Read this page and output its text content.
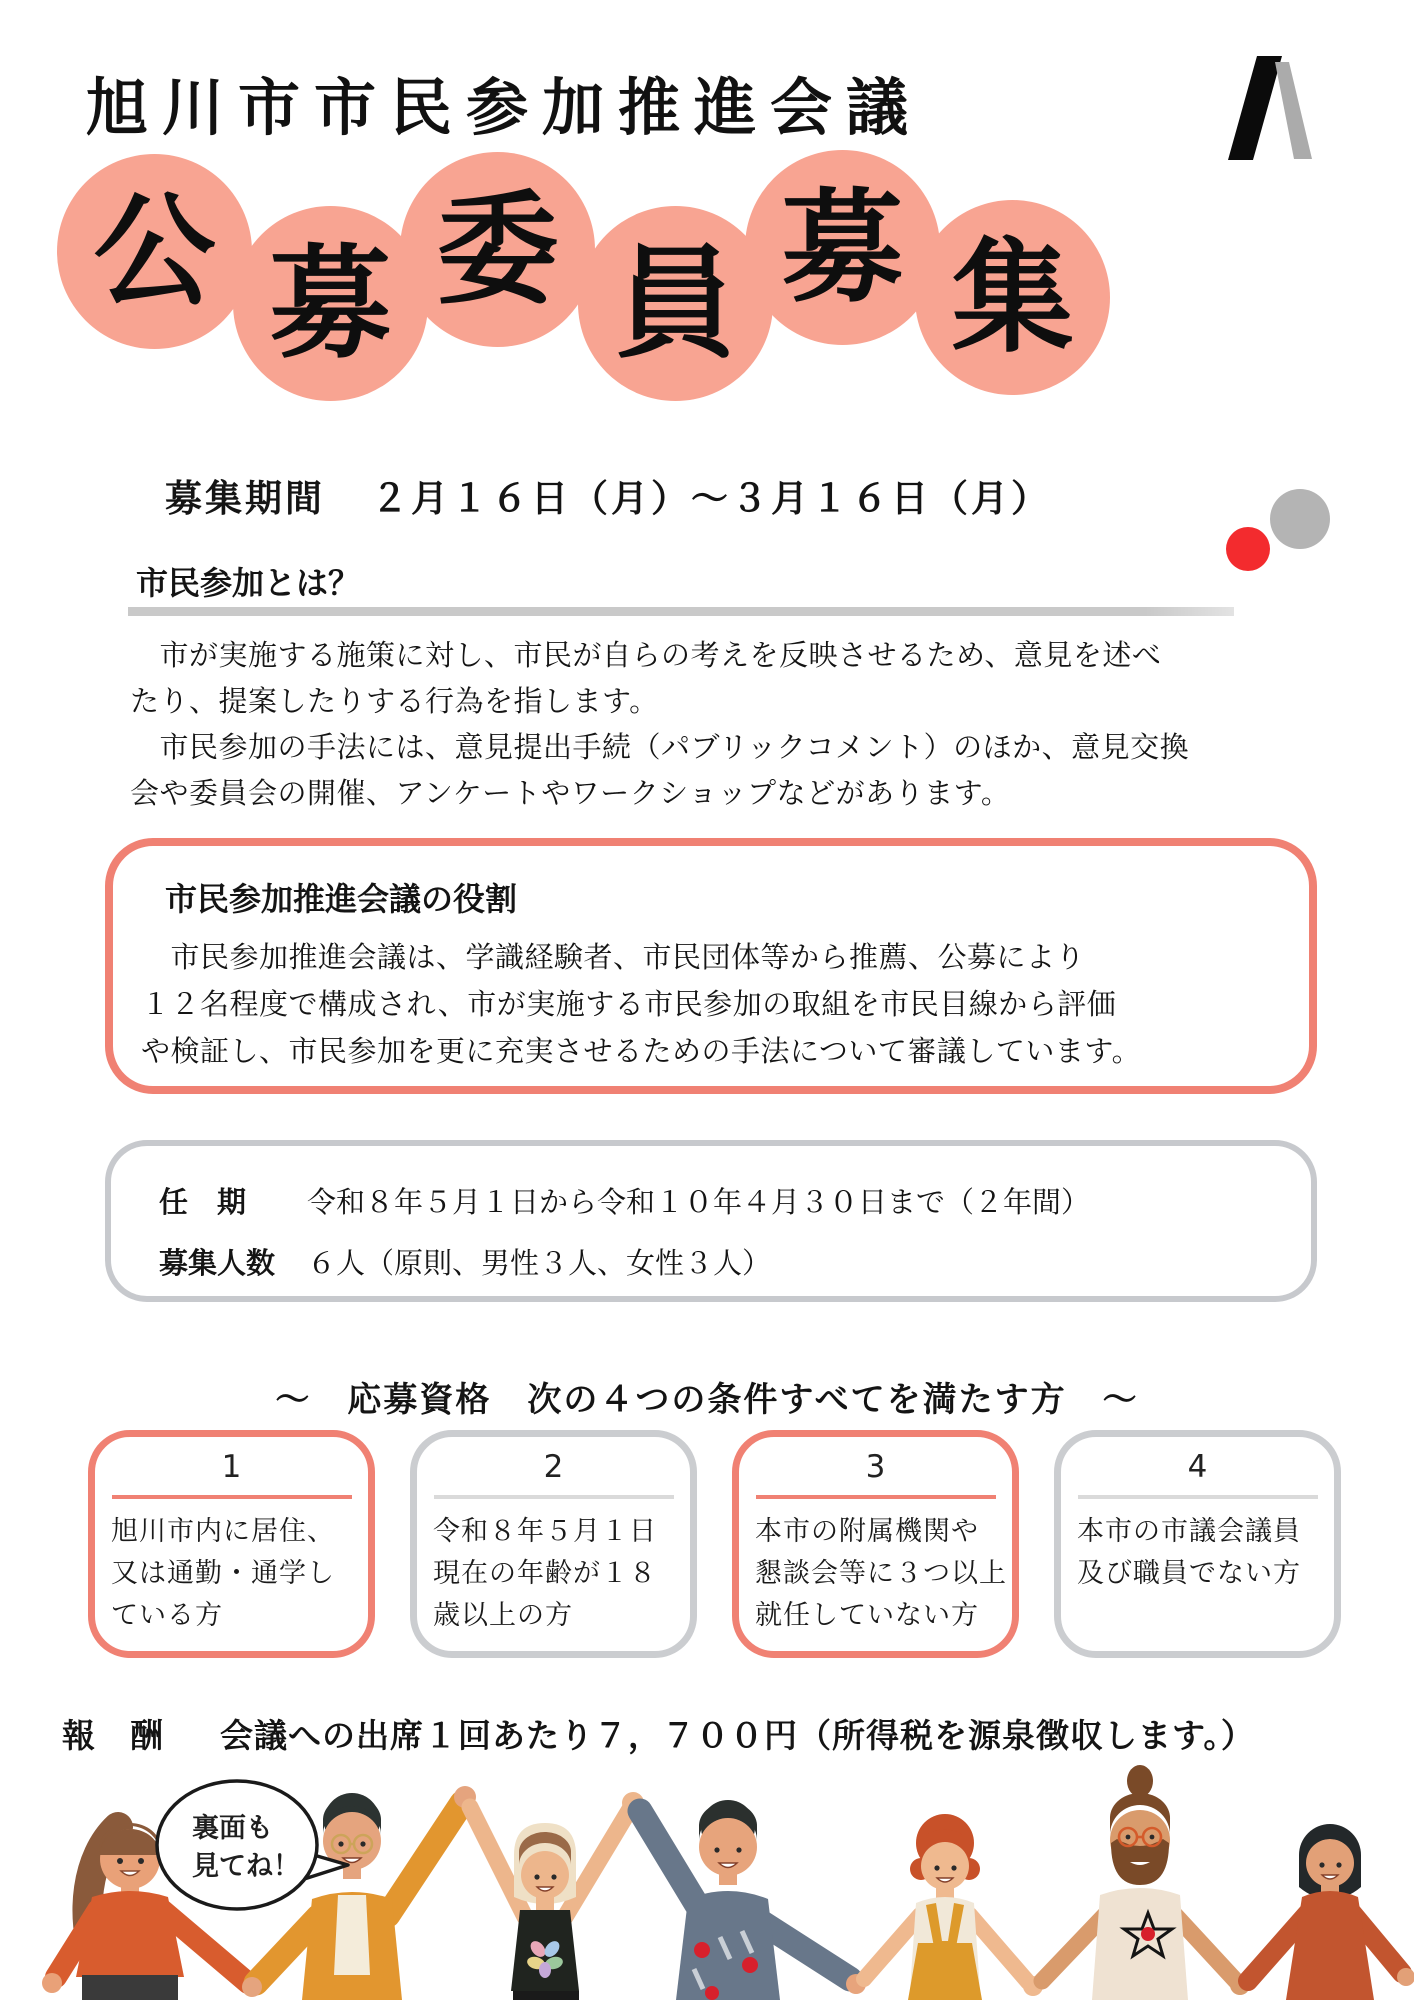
旭川市市民参加推進会議
公 募 委 員 募 集
募集期間 ２月１６日（月）～３月１６日（月）
市民参加とは？
　市が実施する施策に対し、市民が自らの考えを反映させるため、意見を述べ
たり、提案したりする行為を指します。
　市民参加の手法には、意見提出手続（パブリックコメント）のほか、意見交換
会や委員会の開催、アンケートやワークショップなどがあります。
市民参加推進会議の役割
　市民参加推進会議は、学識経験者、市民団体等から推薦、公募により
１２名程度で構成され、市が実施する市民参加の取組を市民目線から評価
や検証し、市民参加を更に充実させるための手法について審議しています。
任　期 令和８年５月１日から令和１０年４月３０日まで（２年間）
募集人数 ６人（原則、男性３人、女性３人）
～　応募資格　次の４つの条件すべてを満たす方　～
1
旭川市内に居住、
又は通勤・通学し
ている方
2
令和８年５月１日
現在の年齢が１８
歳以上の方
3
本市の附属機関や
懇談会等に３つ以上
就任していない方
4
本市の市議会議員
及び職員でない方
報　酬 会議への出席１回あたり７，７００円（所得税を源泉徴収します。）
裏面も
見てね！
